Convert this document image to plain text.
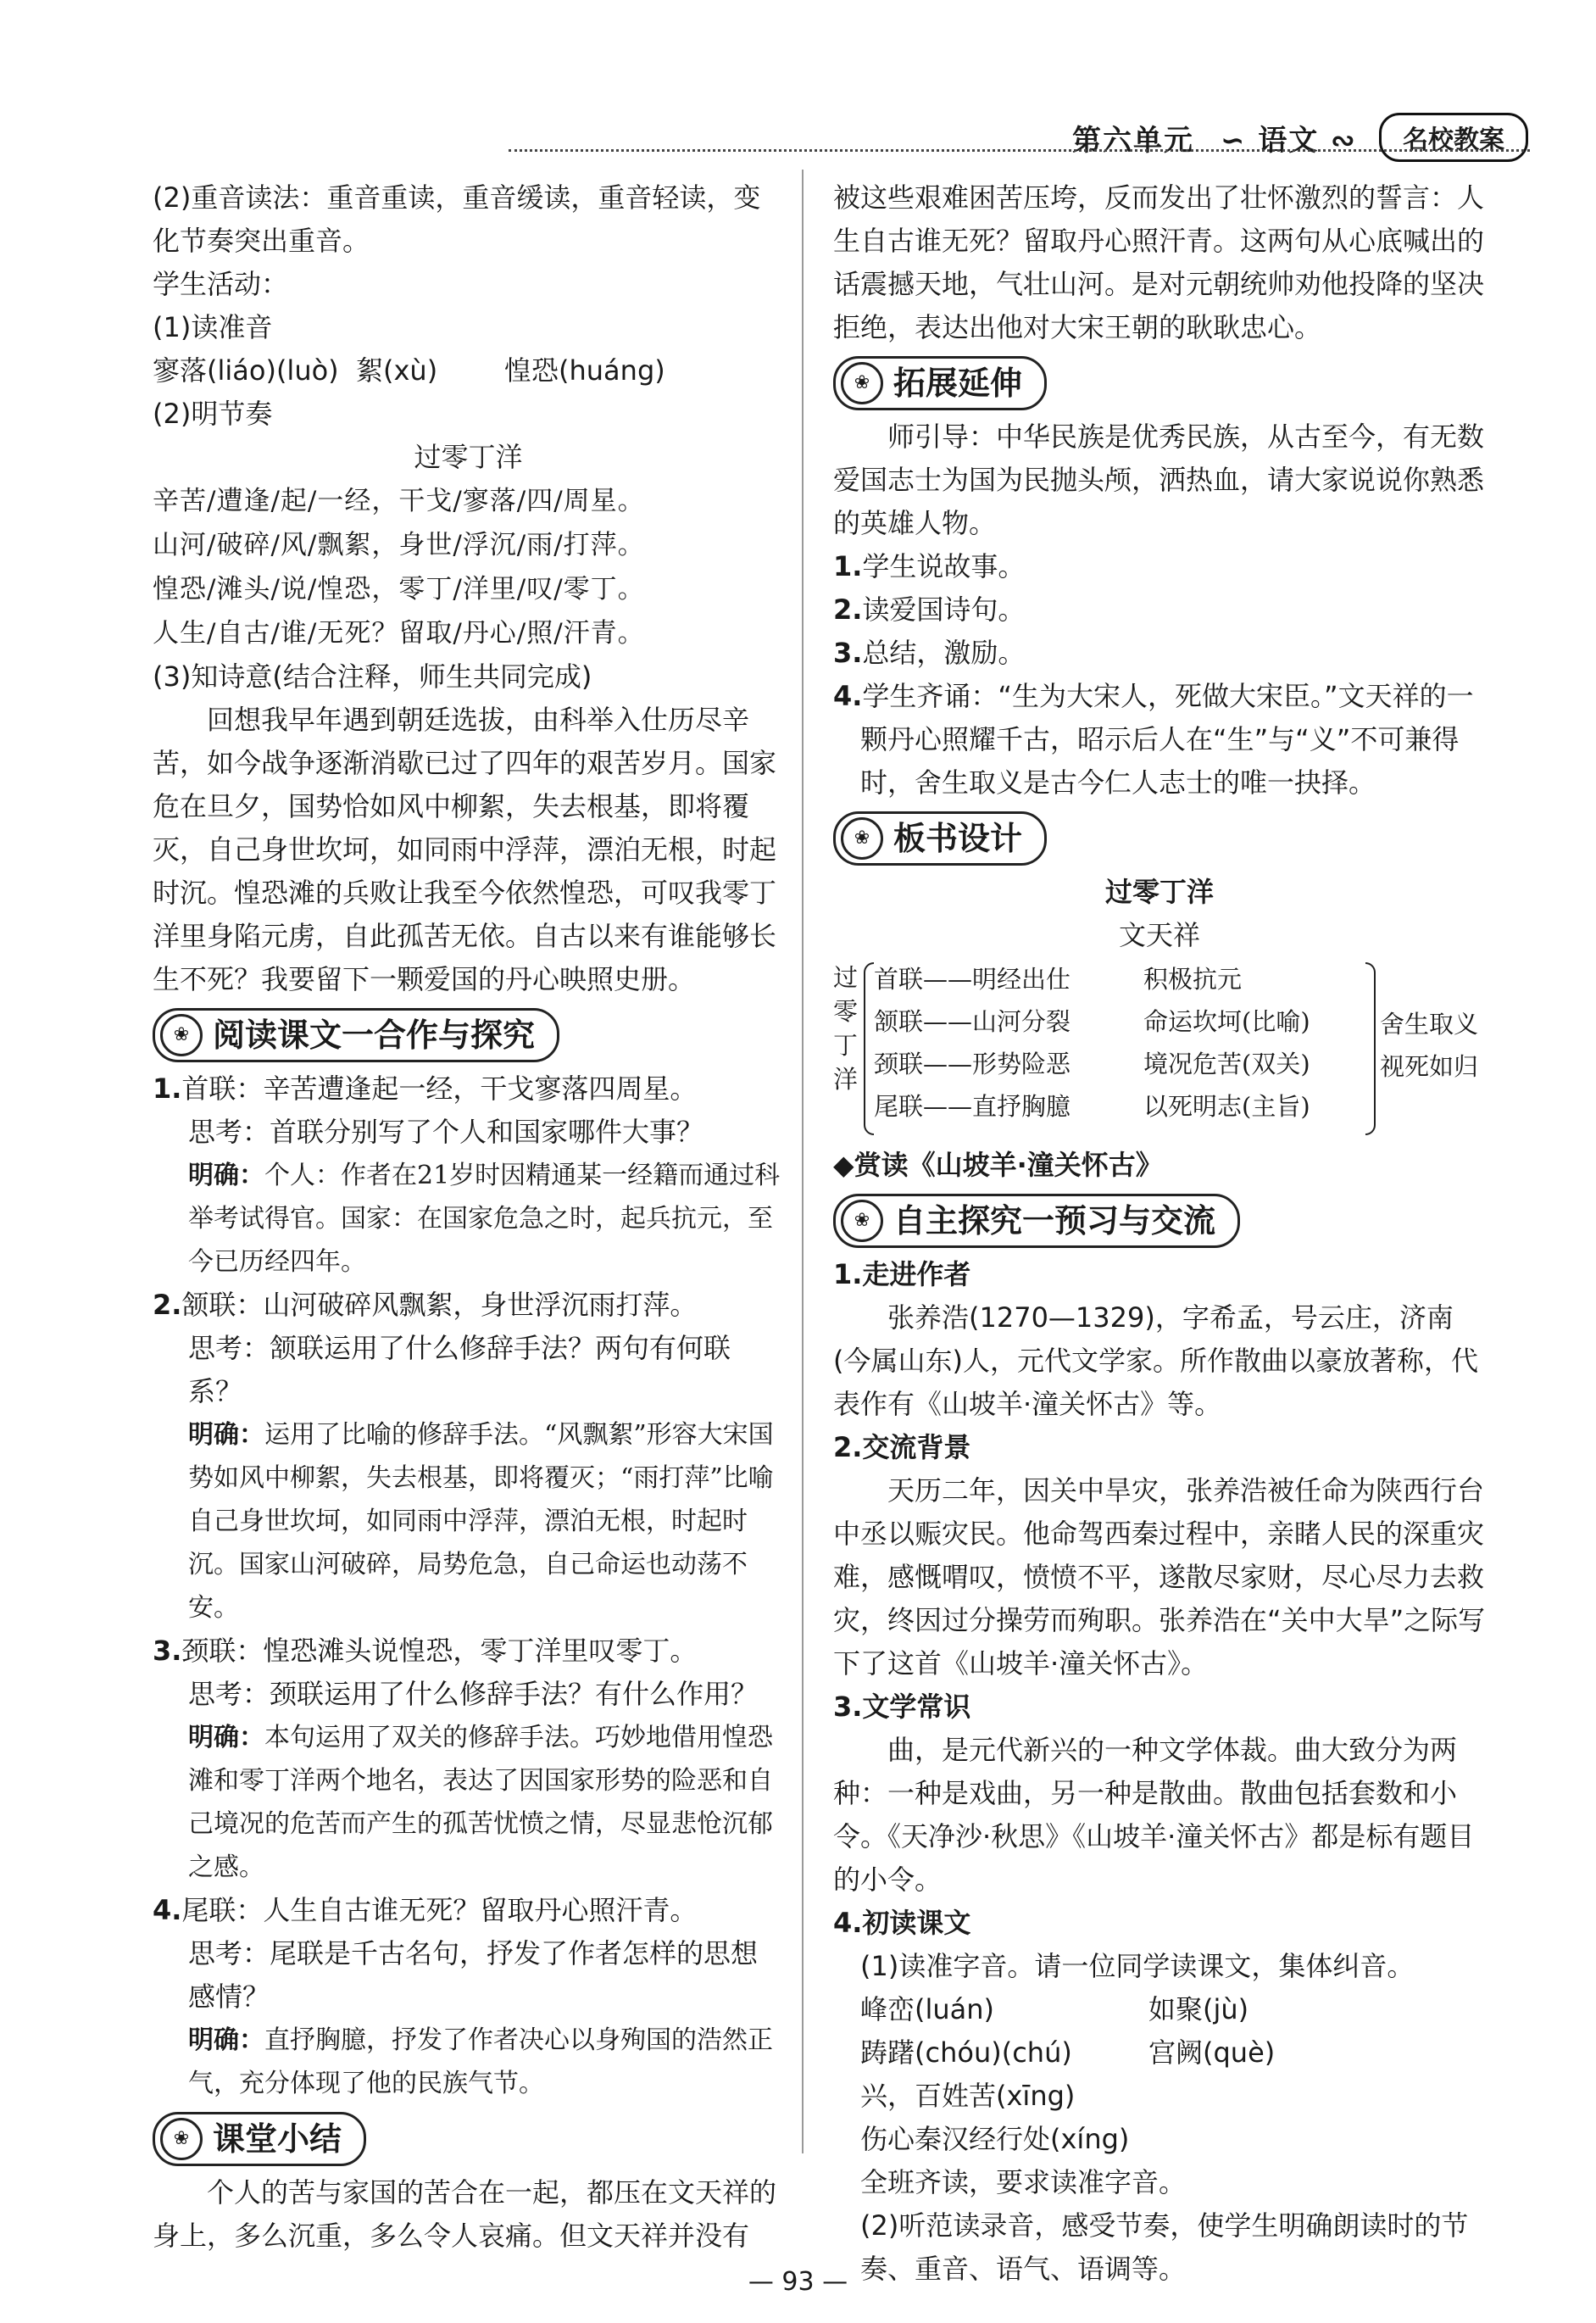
第六单元 ∽ 语文 ∾	名校教案

(2)重音读法：重音重读，重音缓读，重音轻读，变化节奏突出重音。

学生活动：

(1)读准音

寥落(liáo)(luò) 絮(xù)	惶恐(huáng)

(2)明节奏

过零丁洋

辛苦/遭逢/起/一经，干戈/寥落/四/周星。
山河/破碎/风/飘絮，身世/浮沉/雨/打萍。
惶恐/滩头/说/惶恐，零丁/洋里/叹/零丁。
人生/自古/谁/无死？留取/丹心/照/汗青。

(3)知诗意(结合注释，师生共同完成)

回想我早年遇到朝廷选拔，由科举入仕历尽辛苦，如今战争逐渐消歇已过了四年的艰苦岁月。国家危在旦夕，国势恰如风中柳絮，失去根基，即将覆灭，自己身世坎坷，如同雨中浮萍，漂泊无根，时起时沉。惶恐滩的兵败让我至今依然惶恐，可叹我零丁洋里身陷元虏，自此孤苦无依。自古以来有谁能够长生不死？我要留下一颗爱国的丹心映照史册。

❀ 阅读课文一合作与探究

1.首联：辛苦遭逢起一经，干戈寥落四周星。

思考：首联分别写了个人和国家哪件大事？

明确：个人：作者在21岁时因精通某一经籍而通过科举考试得官。国家：在国家危急之时，起兵抗元，至今已历经四年。

2.颔联：山河破碎风飘絮，身世浮沉雨打萍。

思考：颔联运用了什么修辞手法？两句有何联系？

明确：运用了比喻的修辞手法。“风飘絮”形容大宋国势如风中柳絮，失去根基，即将覆灭；“雨打萍”比喻自己身世坎坷，如同雨中浮萍，漂泊无根，时起时沉。国家山河破碎，局势危急，自己命运也动荡不安。

3.颈联：惶恐滩头说惶恐，零丁洋里叹零丁。

思考：颈联运用了什么修辞手法？有什么作用？

明确：本句运用了双关的修辞手法。巧妙地借用惶恐滩和零丁洋两个地名，表达了因国家形势的险恶和自己境况的危苦而产生的孤苦忧愤之情，尽显悲怆沉郁之感。

4.尾联：人生自古谁无死？留取丹心照汗青。

思考：尾联是千古名句，抒发了作者怎样的思想感情？

明确：直抒胸臆，抒发了作者决心以身殉国的浩然正气，充分体现了他的民族气节。

❀ 课堂小结

个人的苦与家国的苦合在一起，都压在文天祥的身上，多么沉重，多么令人哀痛。但文天祥并没有

被这些艰难困苦压垮，反而发出了壮怀激烈的誓言：人生自古谁无死？留取丹心照汗青。这两句从心底喊出的话震撼天地，气壮山河。是对元朝统帅劝他投降的坚决拒绝，表达出他对大宋王朝的耿耿忠心。

❀ 拓展延伸

师引导：中华民族是优秀民族，从古至今，有无数爱国志士为国为民抛头颅，洒热血，请大家说说你熟悉的英雄人物。

1.学生说故事。

2.读爱国诗句。

3.总结，激励。

4.学生齐诵：“生为大宋人，死做大宋臣。”文天祥的一颗丹心照耀千古，昭示后人在“生”与“义”不可兼得时，舍生取义是古今仁人志士的唯一抉择。

❀ 板书设计

过零丁洋

文天祥

过零丁洋
首联——明经出仕	积极抗元
颔联——山河分裂	命运坎坷(比喻)
颈联——形势险恶	境况危苦(双关)
尾联——直抒胸臆	以死明志(主旨)
舍生取义
视死如归

◆赏读《山坡羊·潼关怀古》

❀ 自主探究一预习与交流

1.走进作者

张养浩(1270—1329)，字希孟，号云庄，济南(今属山东)人，元代文学家。所作散曲以豪放著称，代表作有《山坡羊·潼关怀古》等。

2.交流背景

天历二年，因关中旱灾，张养浩被任命为陕西行台中丞以赈灾民。他命驾西秦过程中，亲睹人民的深重灾难，感慨喟叹，愤愤不平，遂散尽家财，尽心尽力去救灾，终因过分操劳而殉职。张养浩在“关中大旱”之际写下了这首《山坡羊·潼关怀古》。

3.文学常识

曲，是元代新兴的一种文学体裁。曲大致分为两种：一种是戏曲，另一种是散曲。散曲包括套数和小令。《天净沙·秋思》《山坡羊·潼关怀古》都是标有题目的小令。

4.初读课文

(1)读准字音。请一位同学读课文，集体纠音。

峰峦(luán)	如聚(jù)
踌躇(chóu)(chú)	宫阙(què)

兴，百姓苦(xīng)

伤心秦汉经行处(xíng)

全班齐读，要求读准字音。

(2)听范读录音，感受节奏，使学生明确朗读时的节奏、重音、语气、语调等。

— 93 —
